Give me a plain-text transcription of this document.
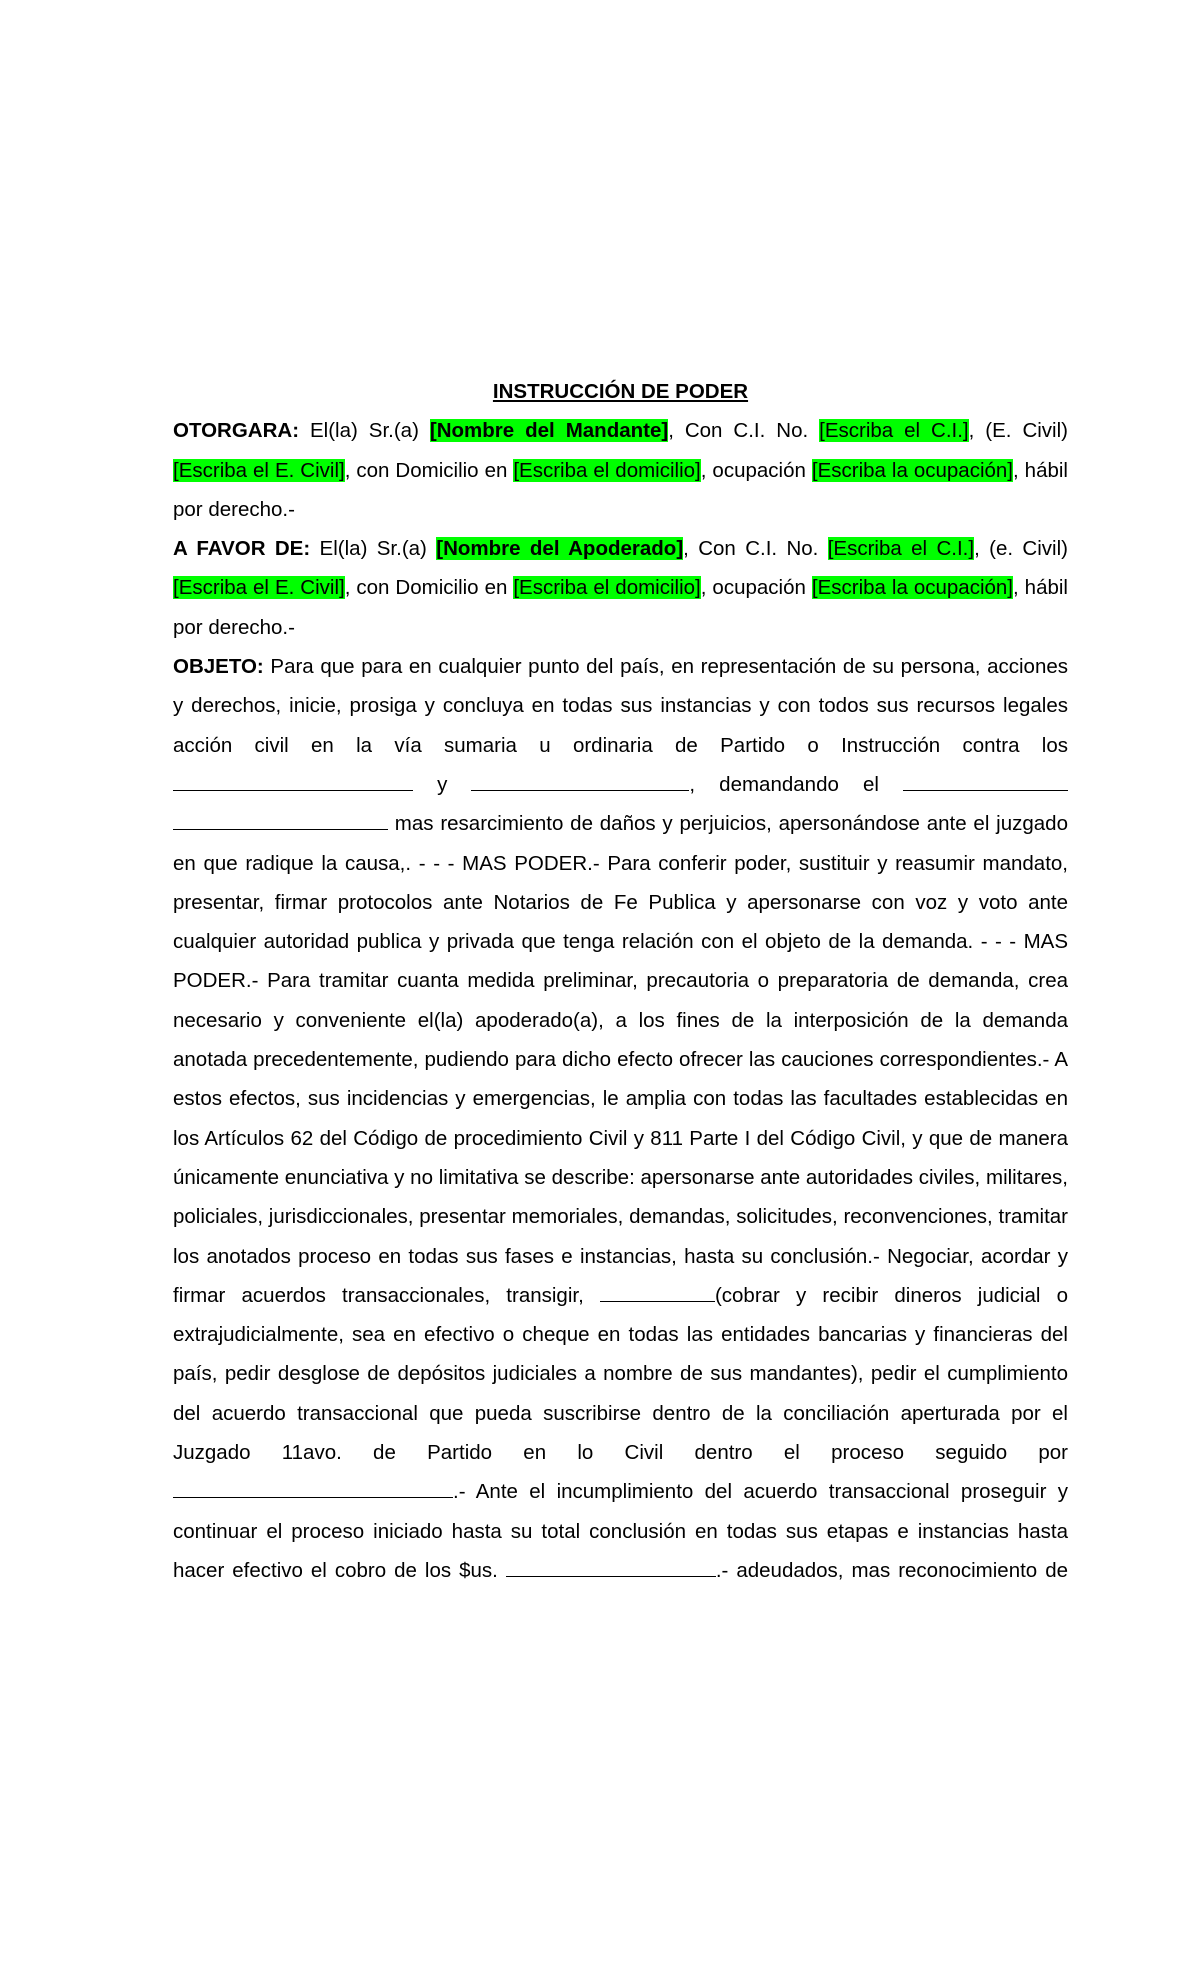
INSTRUCCIÓN DE PODER

OTORGARA: El(la) Sr.(a) [Nombre del Mandante], Con C.I. No. [Escriba el C.I.], (E. Civil)[Escriba el E. Civil], con Domicilio en [Escriba el domicilio], ocupación [Escriba la ocupación], hábil por derecho.-

A FAVOR DE: El(la) Sr.(a) [Nombre del Apoderado], Con C.I. No. [Escriba el C.I.], (e. Civil)[Escriba el E. Civil], con Domicilio en [Escriba el domicilio], ocupación [Escriba la ocupación], hábil por derecho.-

OBJETO: Para que para en cualquier punto del país, en representación de su persona, acciones y derechos, inicie, prosiga y concluya en todas sus instancias y con todos sus recursos legales acción civil en la vía sumaria u ordinaria de Partido o Instrucción contra los  y	, demandando el   mas resarcimiento de daños y perjuicios, apersonándose ante el juzgado en que radique la causa,. - - - MAS PODER.- Para conferir poder, sustituir y reasumir mandato, presentar, firmar protocolos ante Notarios de Fe Publica y apersonarse con voz y voto ante cualquier autoridad publica y privada que tenga relación con el objeto de la demanda. - - - MAS PODER.- Para tramitar cuanta medida preliminar, precautoria o preparatoria de demanda, crea necesario y conveniente el(la) apoderado(a), a los fines de la interposición de la demanda anotada precedentemente, pudiendo para dicho efecto ofrecer las cauciones correspondientes.- A estos efectos, sus incidencias y emergencias, le amplia con todas las facultades establecidas en los Artículos 62 del Código de procedimiento Civil y 811 Parte I del Código Civil, y que de manera únicamente enunciativa y no limitativa se describe: apersonarse ante autoridades civiles, militares, policiales, jurisdiccionales, presentar memoriales, demandas, solicitudes, reconvenciones, tramitar los anotados proceso en todas sus fases e instancias, hasta su conclusión.- Negociar, acordar y firmar acuerdos transaccionales, transigir,	(cobrar y recibir dineros judicial o extrajudicialmente, sea en efectivo o cheque en todas las entidades bancarias y financieras del país, pedir desglose de depósitos judiciales a nombre de sus mandantes), pedir el cumplimiento del acuerdo transaccional que pueda suscribirse dentro de la conciliación aperturada por el Juzgado 11avo. de Partido en lo Civil dentro el proceso seguido por .- Ante el incumplimiento del acuerdo transaccional proseguir y continuar el proceso iniciado hasta su total conclusión en todas sus etapas e instancias hasta hacer efectivo el cobro de los $us.	.- adeudados, mas reconocimiento de
